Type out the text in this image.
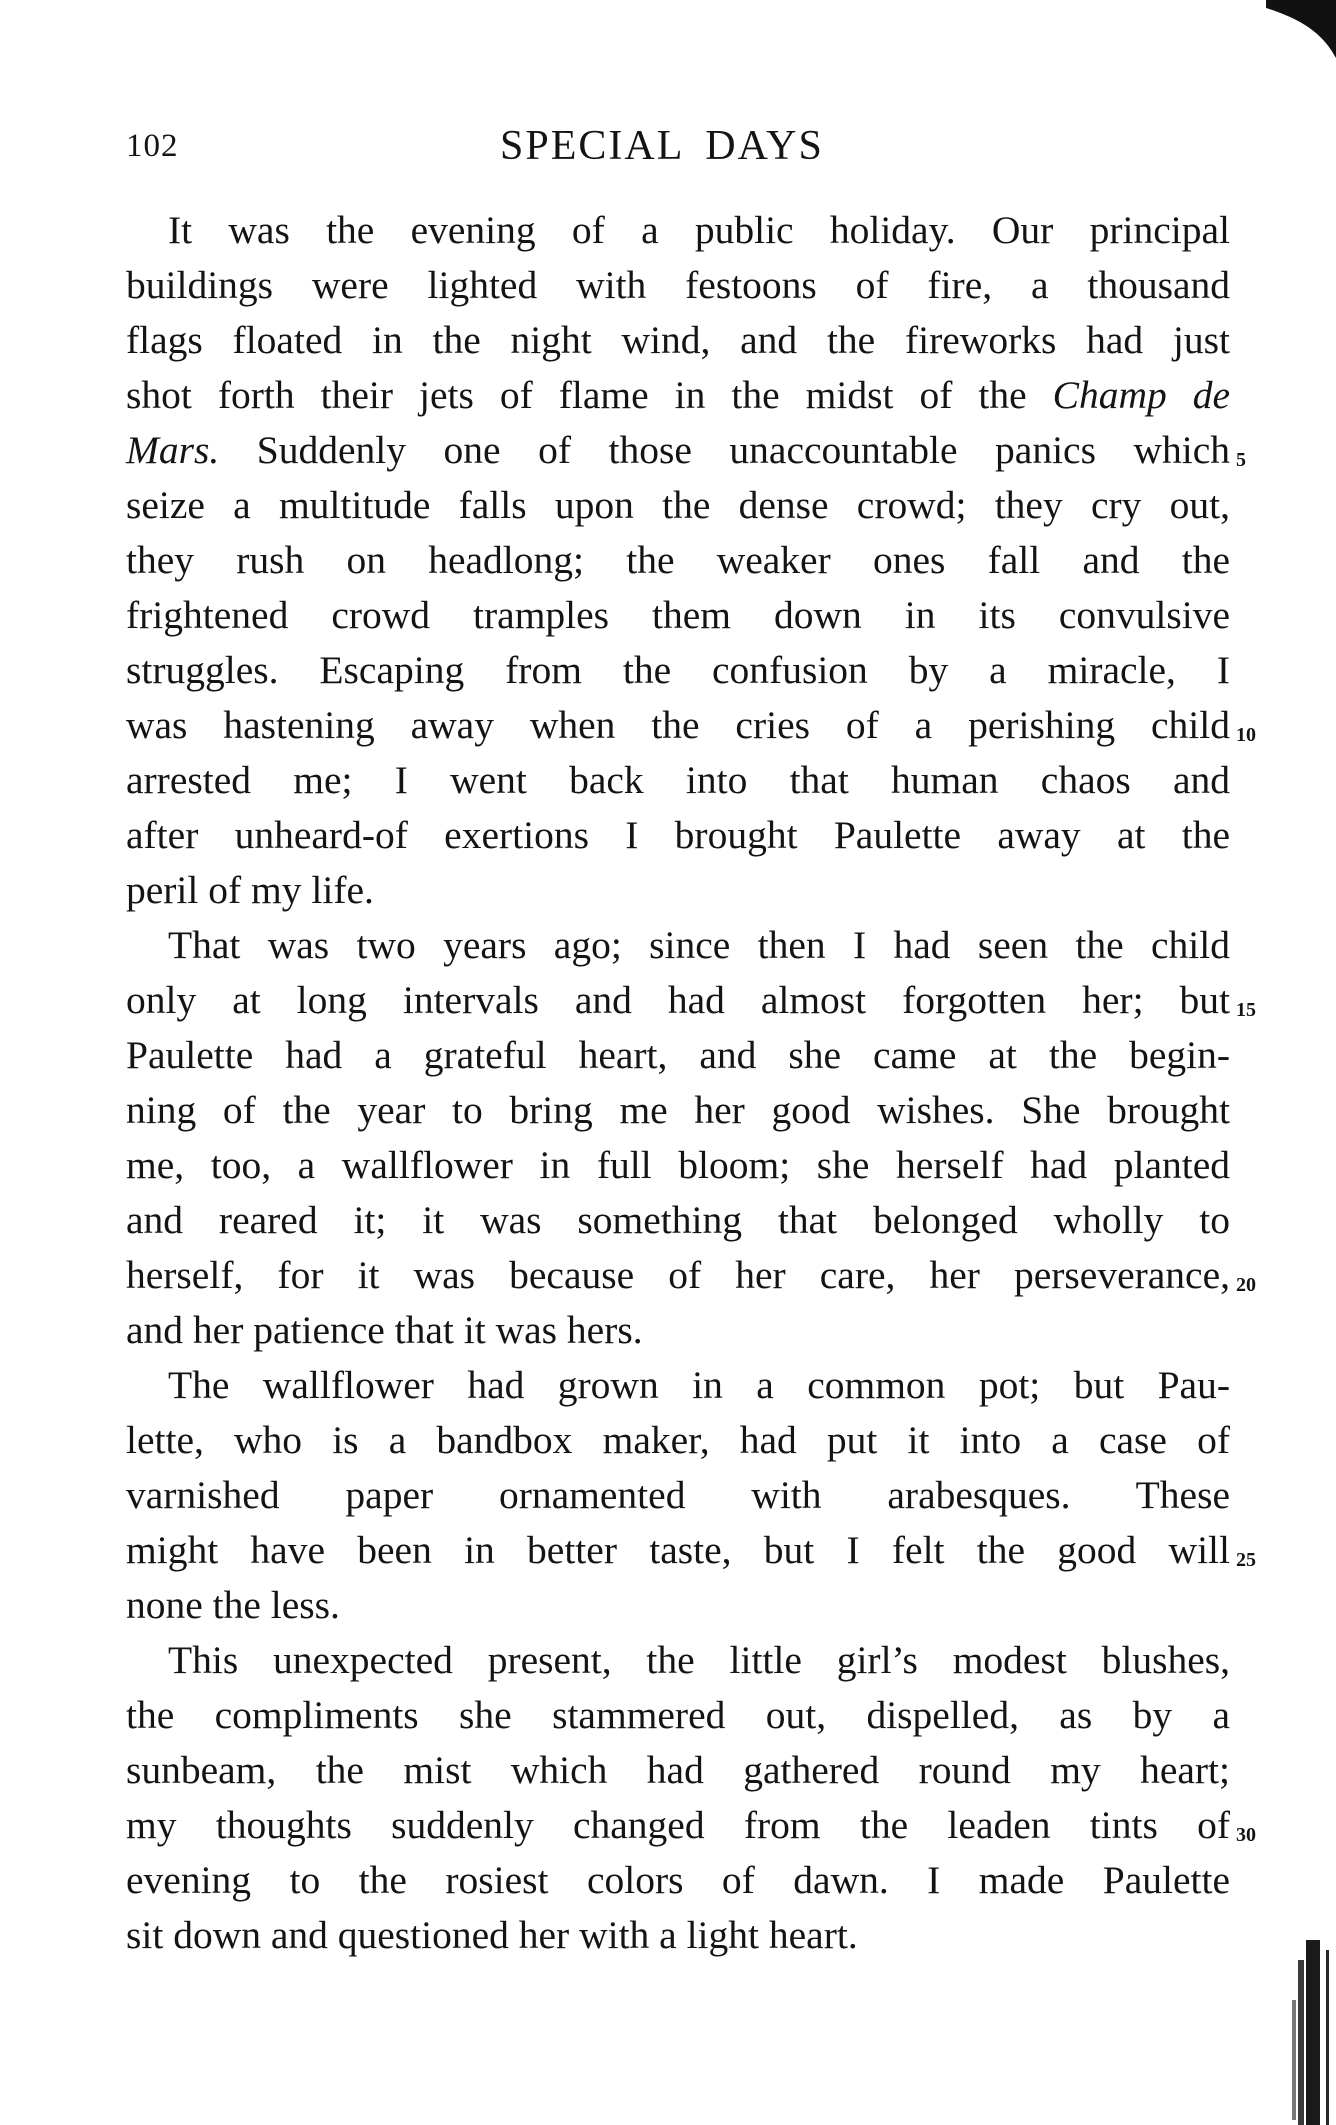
102	SPECIAL DAYS
It was the evening of a public holiday. Our principal
buildings were lighted with festoons of fire, a thousand
flags floated in the night wind, and the fireworks had just
shot forth their jets of flame in the midst of the Champ de
Mars. Suddenly one of those unaccountable panics which 5
seize a multitude falls upon the dense crowd; they cry out,
they rush on headlong; the weaker ones fall and the
frightened crowd tramples them down in its convulsive
struggles. Escaping from the confusion by a miracle, I
was hastening away when the cries of a perishing child 10
arrested me; I went back into that human chaos and
after unheard-of exertions I brought Paulette away at the
peril of my life.
That was two years ago; since then I had seen the child
only at long intervals and had almost forgotten her; but 15
Paulette had a grateful heart, and she came at the begin-
ning of the year to bring me her good wishes. She brought
me, too, a wallflower in full bloom; she herself had planted
and reared it; it was something that belonged wholly to
herself, for it was because of her care, her perseverance, 20
and her patience that it was hers.
The wallflower had grown in a common pot; but Pau-
lette, who is a bandbox maker, had put it into a case of
varnished paper ornamented with arabesques. These
might have been in better taste, but I felt the good will 25
none the less.
This unexpected present, the little girl’s modest blushes,
the compliments she stammered out, dispelled, as by a
sunbeam, the mist which had gathered round my heart;
my thoughts suddenly changed from the leaden tints of 30
evening to the rosiest colors of dawn. I made Paulette
sit down and questioned her with a light heart.
